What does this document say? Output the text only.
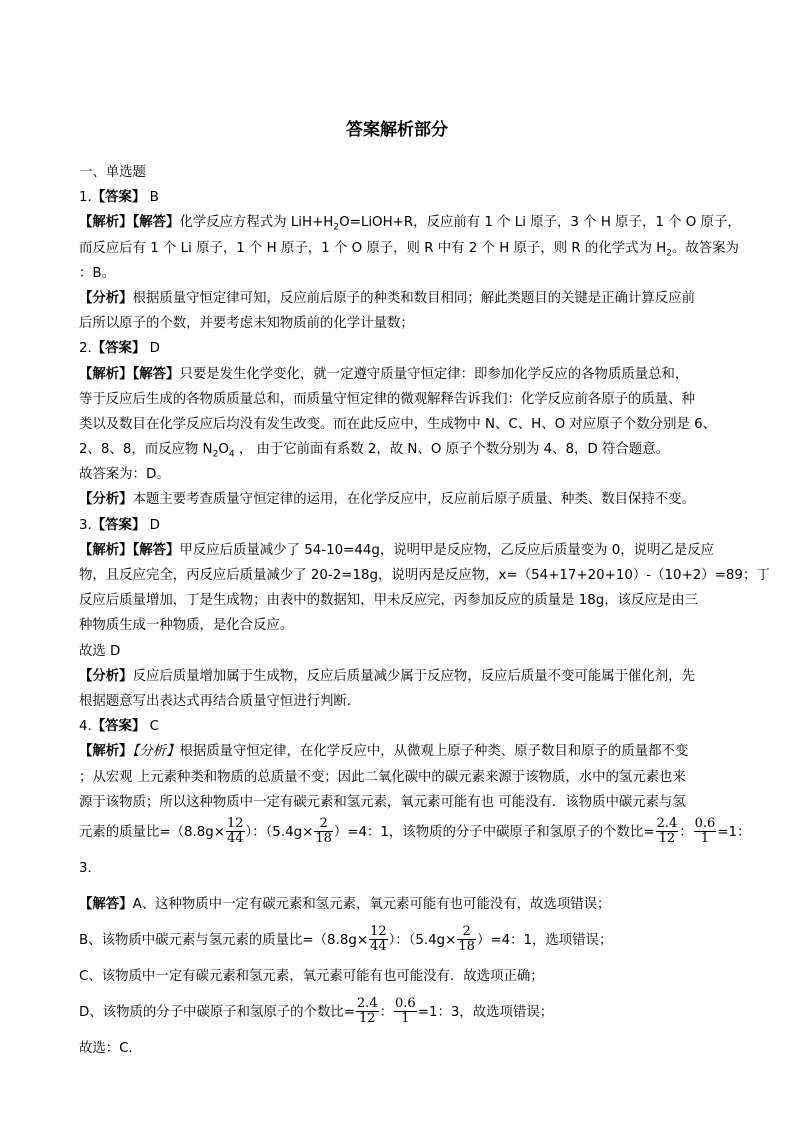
答案解析部分
一、单选题
1.【答案】 B
【解析】【解答】化学反应方程式为 $LiH+H_2O=LiOH+R$，反应前有 1 个 Li 原子，3 个 H 原子，1 个 O 原子，
而反应后有 1 个 Li 原子，1 个 H 原子，1 个 O 原子，则 R 中有 2 个 H 原子，则 R 的化学式为 $H_2$。故答案为
：B。
【分析】根据质量守恒定律可知，反应前后原子的种类和数目相同；解此类题目的关键是正确计算反应前
后所以原子的个数，并要考虑未知物质前的化学计量数；
2.【答案】 D
【解析】【解答】只要是发生化学变化，就一定遵守质量守恒定律：即参加化学反应的各物质质量总和，
等于反应后生成的各物质质量总和，而质量守恒定律的微观解释告诉我们：化学反应前各原子的质量、种
类以及数目在化学反应后均没有发生改变。而在此反应中，生成物中 N、C、H、O 对应原子个数分别是 6、
2、8、8，而反应物 $N_2O_4$ ， 由于它前面有系数 2，故 N、O 原子个数分别为 4、8，D 符合题意。
故答案为：D。
【分析】本题主要考查质量守恒定律的运用，在化学反应中，反应前后原子质量、种类、数目保持不变。
3.【答案】 D
【解析】【解答】甲反应后质量减少了 54-10=44g，说明甲是反应物，乙反应后质量变为 0，说明乙是反应
物，且反应完全，丙反应后质量减少了 20-2=18g，说明丙是反应物，x=（54+17+20+10）-（10+2）=89；丁
反应后质量增加，丁是生成物；由表中的数据知，甲未反应完，丙参加反应的质量是 18g，该反应是由三
种物质生成一种物质，是化合反应。
故选 D
【分析】反应后质量增加属于生成物，反应后质量减少属于反应物，反应后质量不变可能属于催化剂，先
根据题意写出表达式再结合质量守恒进行判断．
4.【答案】 C
【解析】【分析】根据质量守恒定律，在化学反应中，从微观上原子种类、原子数目和原子的质量都不变
；从宏观 上元素种类和物质的总质量不变；因此二氧化碳中的碳元素来源于该物质，水中的氢元素也来
源于该物质；所以这种物质中一定有碳元素和氢元素，氧元素可能有也 可能没有．该物质中碳元素与氢
元素的质量比$=(8.8g\times \frac{12}{44}$ ）：$(5.4g\times \frac{2}{18} )=4$：1，该物质的分子中碳原子和氢原子的个数比= $\frac{2.4}{12}$ ： $\frac{0.6}{1} =1$：
3．
【解答】A、这种物质中一定有碳元素和氢元素，氧元素可能有也可能没有，故选项错误；
B、该物质中碳元素与氢元素的质量比$=(8.8g\times \frac{12}{44}$ ）：$(5.4g\times \frac{2}{18} )=4$：1，选项错误；
C、该物质中一定有碳元素和氢元素，氧元素可能有也可能没有．故选项正确；
D、该物质的分子中碳原子和氢原子的个数比= $\frac{2.4}{12}$ ： $\frac{0.6}{1} =1$：3，故选项错误；
故选：C．
